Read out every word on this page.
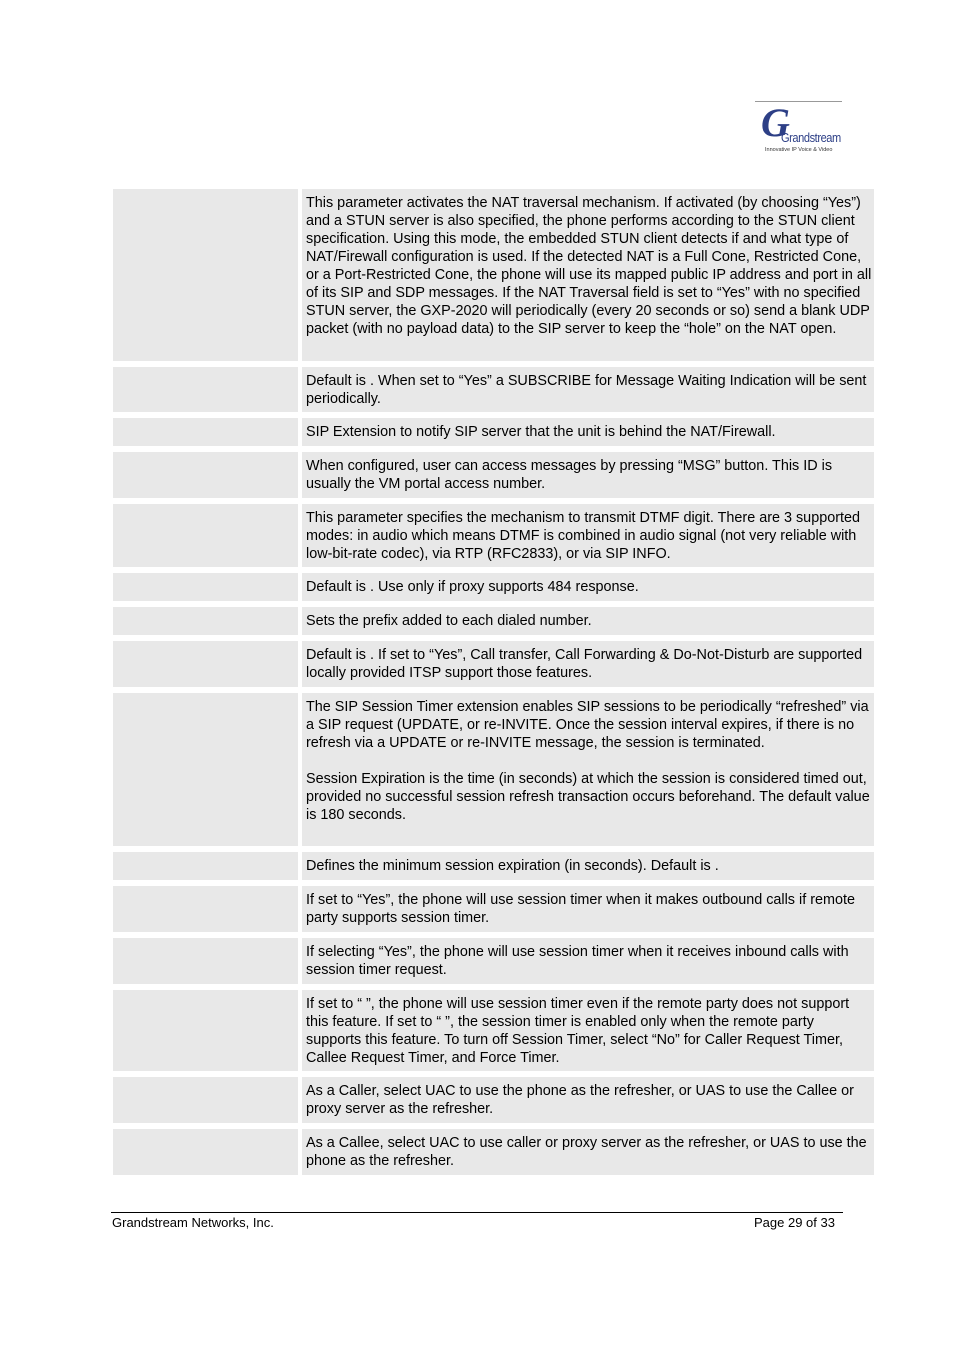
G
Grandstream
Innovative IP Voice & Video
This parameter activates the NAT traversal mechanism. If activated (by choosing “Yes”) and a STUN server is also specified, the phone performs according to the STUN client specification. Using this mode, the embedded STUN client detects if and what type of NAT/Firewall configuration is used. If the detected NAT is a Full Cone, Restricted Cone, or a Port-Restricted Cone, the phone will use its mapped public IP address and port in all of its SIP and SDP messages. If the NAT Traversal field is set to “Yes” with no specified STUN server, the GXP-2020 will periodically (every 20 seconds or so) send a blank UDP packet (with no payload data) to the SIP server to keep the “hole” on the NAT open.
Default is . When set to “Yes” a SUBSCRIBE for Message Waiting Indication will be sent periodically.
SIP Extension to notify SIP server that the unit is behind the NAT/Firewall.
When configured, user can access messages by pressing “MSG” button. This ID is usually the VM portal access number.
This parameter specifies the mechanism to transmit DTMF digit. There are 3 supported modes: in audio which means DTMF is combined in audio signal (not very reliable with low-bit-rate codec), via RTP (RFC2833), or via SIP INFO.
Default is . Use only if proxy supports 484 response.
Sets the prefix added to each dialed number.
Default is . If set to “Yes”, Call transfer, Call Forwarding & Do-Not-Disturb are supported locally provided ITSP support those features.
The SIP Session Timer extension enables SIP sessions to be periodically “refreshed” via a SIP request (UPDATE, or re-INVITE. Once the session interval expires, if there is no refresh via a UPDATE or re-INVITE message, the session is terminated.

Session Expiration is the time (in seconds) at which the session is considered timed out, provided no successful session refresh transaction occurs beforehand. The default value is 180 seconds.
Defines the minimum session expiration (in seconds). Default is .
If set to “Yes”, the phone will use session timer when it makes outbound calls if remote party supports session timer.
If selecting “Yes”, the phone will use session timer when it receives inbound calls with session timer request.
If set to “ ”, the phone will use session timer even if the remote party does not support this feature. If set to “ ”, the session timer is enabled only when the remote party supports this feature. To turn off Session Timer, select “No” for Caller Request Timer, Callee Request Timer, and Force Timer.
As a Caller, select UAC to use the phone as the refresher, or UAS to use the Callee or proxy server as the refresher.
As a Callee, select UAC to use caller or proxy server as the refresher, or UAS to use the phone as the refresher.
Grandstream Networks, Inc.	Page 29 of 33
